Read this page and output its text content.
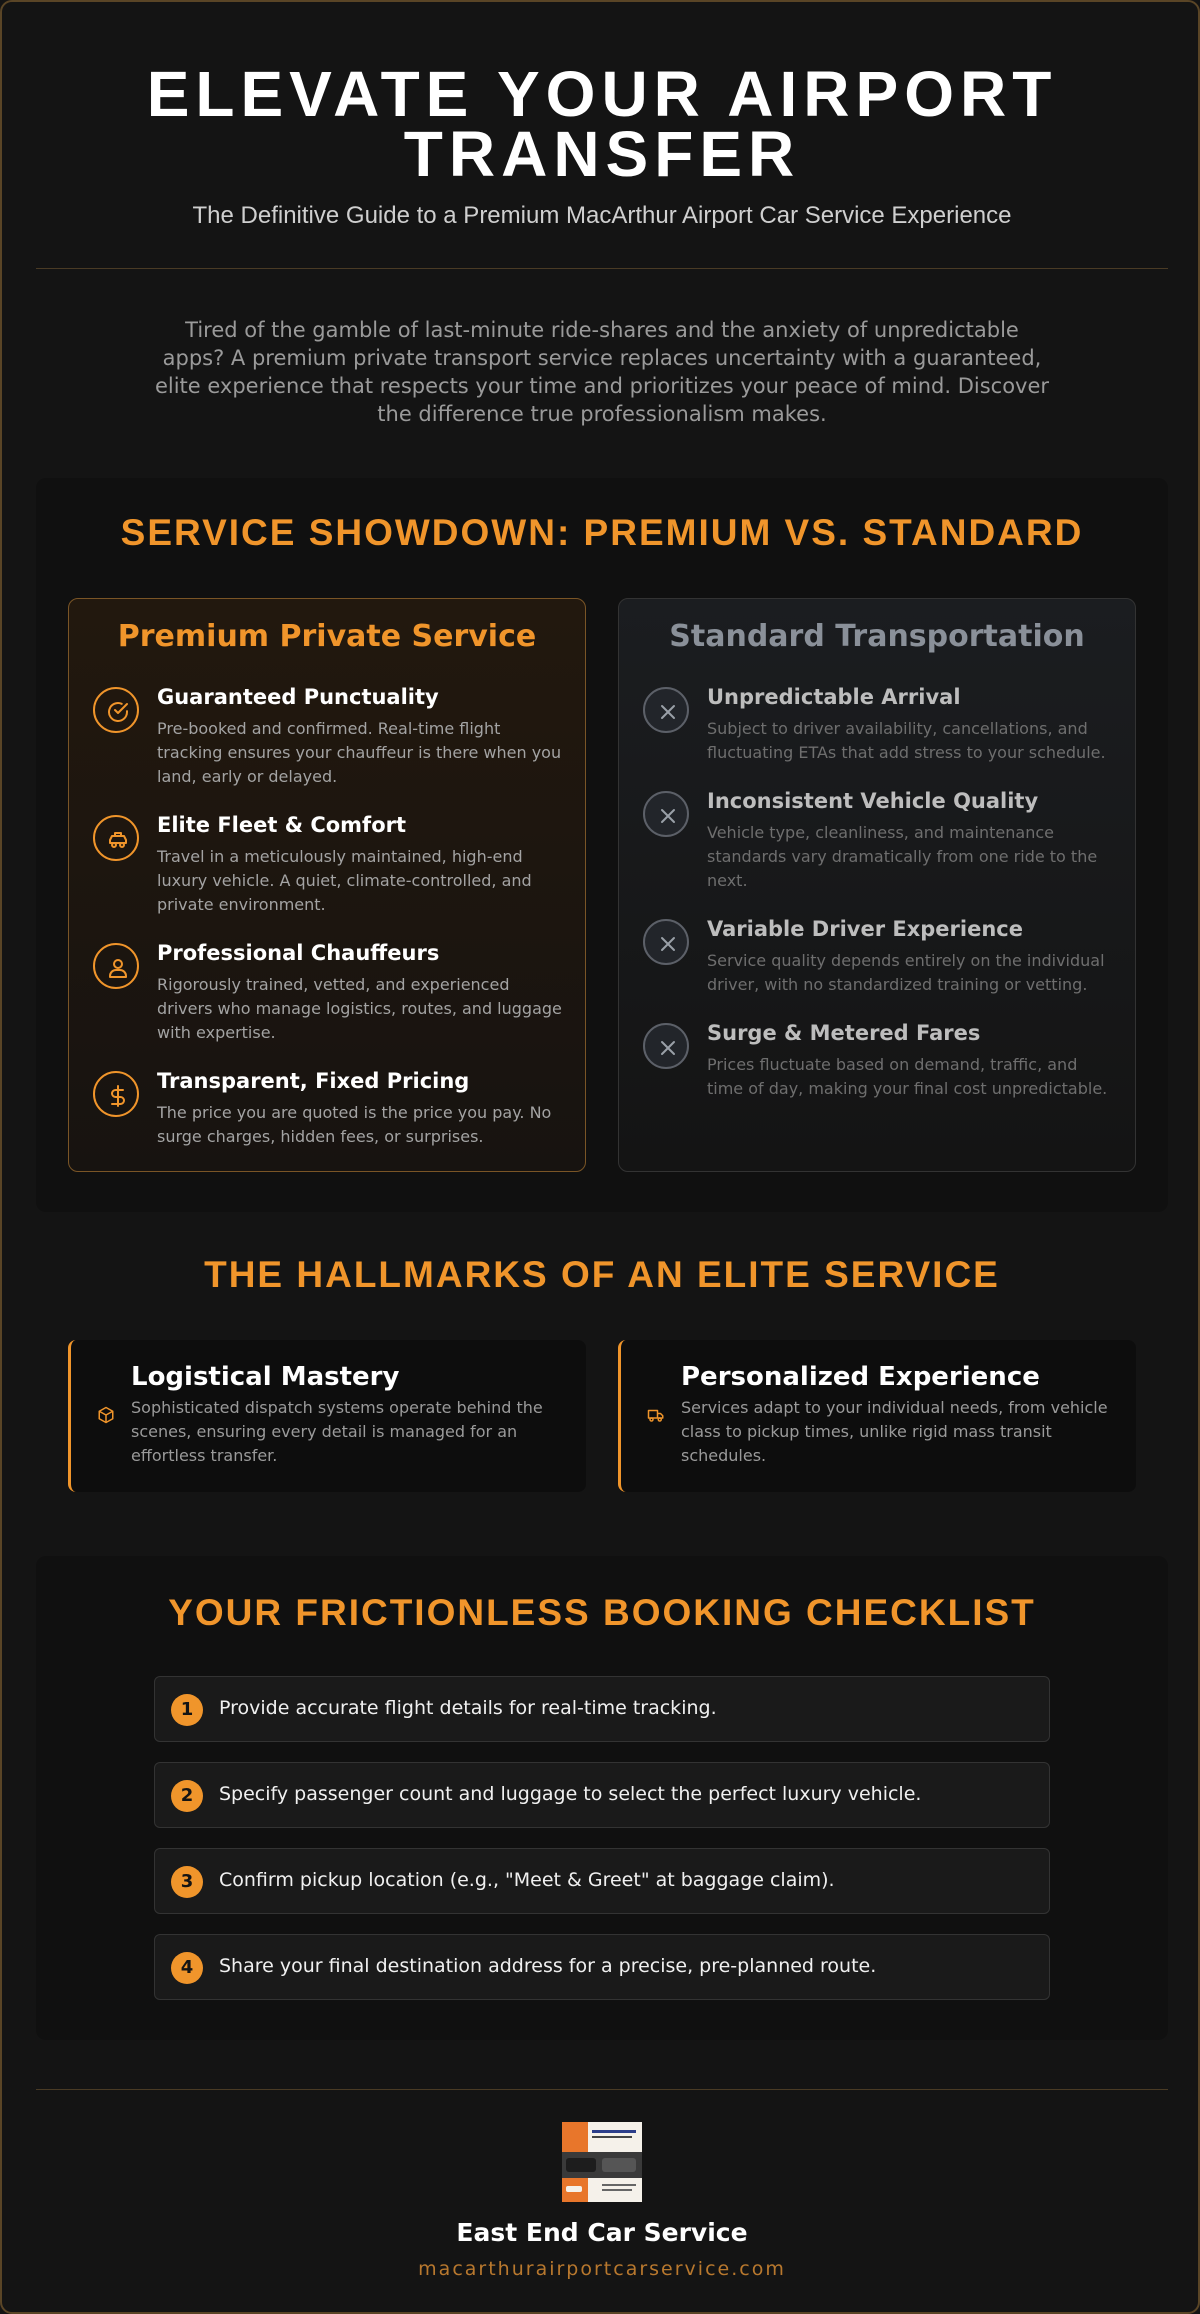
ELEVATE YOUR AIRPORT TRANSFER
The Definitive Guide to a Premium MacArthur Airport Car Service Experience
Tired of the gamble of last-minute ride-shares and the anxiety of unpredictable apps? A premium private transport service replaces uncertainty with a guaranteed, elite experience that respects your time and prioritizes your peace of mind. Discover the difference true professionalism makes.
SERVICE SHOWDOWN: PREMIUM VS. STANDARD
Premium Private Service
Guaranteed Punctuality
Pre-booked and confirmed. Real-time flight tracking ensures your chauffeur is there when you land, early or delayed.
Elite Fleet & Comfort
Travel in a meticulously maintained, high-end luxury vehicle. A quiet, climate-controlled, and private environment.
Professional Chauffeurs
Rigorously trained, vetted, and experienced drivers who manage logistics, routes, and luggage with expertise.
Transparent, Fixed Pricing
The price you are quoted is the price you pay. No surge charges, hidden fees, or surprises.
Standard Transportation
Unpredictable Arrival
Subject to driver availability, cancellations, and fluctuating ETAs that add stress to your schedule.
Inconsistent Vehicle Quality
Vehicle type, cleanliness, and maintenance standards vary dramatically from one ride to the next.
Variable Driver Experience
Service quality depends entirely on the individual driver, with no standardized training or vetting.
Surge & Metered Fares
Prices fluctuate based on demand, traffic, and time of day, making your final cost unpredictable.
THE HALLMARKS OF AN ELITE SERVICE
Logistical Mastery
Sophisticated dispatch systems operate behind the scenes, ensuring every detail is managed for an effortless transfer.
Personalized Experience
Services adapt to your individual needs, from vehicle class to pickup times, unlike rigid mass transit schedules.
YOUR FRICTIONLESS BOOKING CHECKLIST
1	Provide accurate flight details for real-time tracking.
2	Specify passenger count and luggage to select the perfect luxury vehicle.
3	Confirm pickup location (e.g., "Meet & Greet" at baggage claim).
4	Share your final destination address for a precise, pre-planned route.
East End Car Service
macarthurairportcarservice.com
